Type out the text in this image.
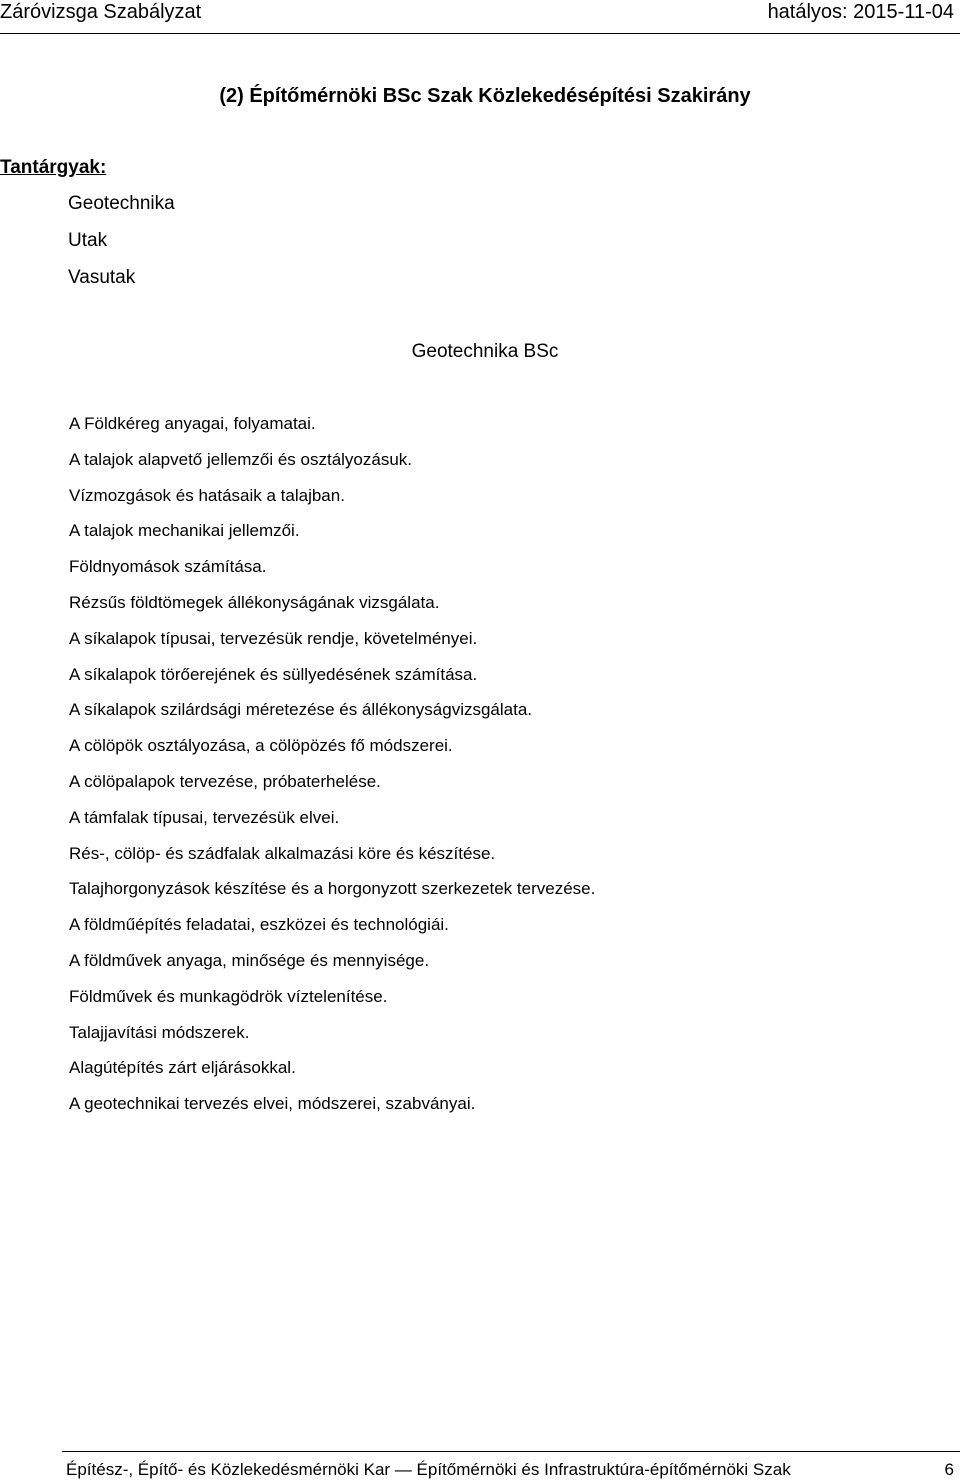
Záróvizsga Szabályzat	hatályos: 2015-11-04
(2) Építőmérnöki BSc Szak Közlekedésépítési Szakirány
Tantárgyak:
Geotechnika
Utak
Vasutak
Geotechnika BSc
A Földkéreg anyagai, folyamatai.
A talajok alapvető jellemzői és osztályozásuk.
Vízmozgások és hatásaik a talajban.
A talajok mechanikai jellemzői.
Földnyomások számítása.
Rézsűs földtömegek állékonyságának vizsgálata.
A síkalapok típusai, tervezésük rendje, követelményei.
A síkalapok törőerejének és süllyedésének számítása.
A síkalapok szilárdsági méretezése és állékonyságvizsgálata.
A cölöpök osztályozása, a cölöpözés fő módszerei.
A cölöpalapok tervezése, próbaterhelése.
A támfalak típusai, tervezésük elvei.
Rés-, cölöp- és szádfalak alkalmazási köre és készítése.
Talajhorgonyzások készítése és a horgonyzott szerkezetek tervezése.
A földműépítés feladatai, eszközei és technológiái.
A földművek anyaga, minősége és mennyisége.
Földművek és munkagödrök víztelenítése.
Talajjavítási módszerek.
Alagútépítés zárt eljárásokkal.
A geotechnikai tervezés elvei, módszerei, szabványai.
Építész-, Építő- és Közlekedésmérnöki Kar — Építőmérnöki és Infrastruktúra-építőmérnöki Szak	6
